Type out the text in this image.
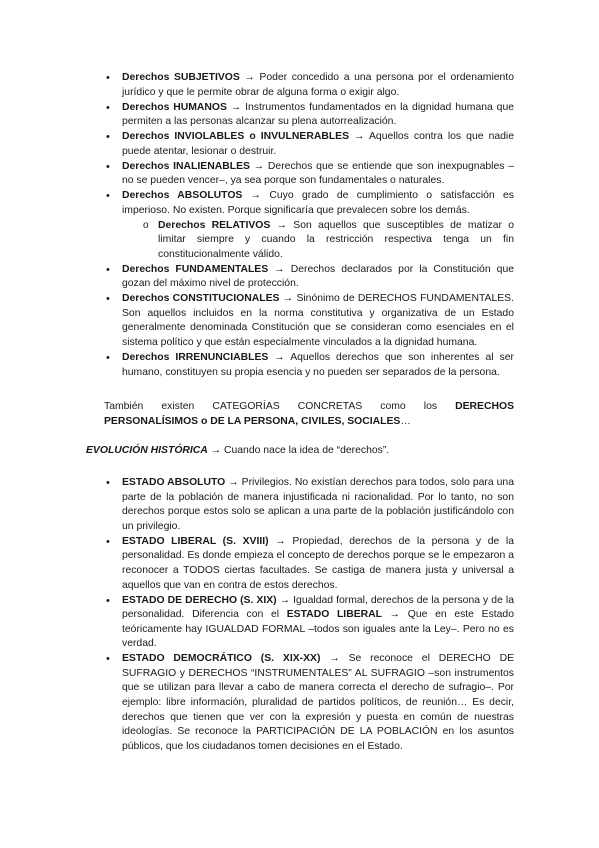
• Derechos SUBJETIVOS → Poder concedido a una persona por el ordenamiento jurídico y que le permite obrar de alguna forma o exigir algo.
• Derechos HUMANOS → Instrumentos fundamentados en la dignidad humana que permiten a las personas alcanzar su plena autorrealización.
• Derechos INVIOLABLES o INVULNERABLES → Aquellos contra los que nadie puede atentar, lesionar o destruir.
• Derechos INALIENABLES → Derechos que se entiende que son inexpugnables – no se pueden vencer–, ya sea porque son fundamentales o naturales.
• Derechos ABSOLUTOS → Cuyo grado de cumplimiento o satisfacción es imperioso. No existen. Porque significaría que prevalecen sobre los demás.
o Derechos RELATIVOS → Son aquellos que susceptibles de matizar o limitar siempre y cuando la restricción respectiva tenga un fin constitucionalmente válido.
• Derechos FUNDAMENTALES → Derechos declarados por la Constitución que gozan del máximo nivel de protección.
• Derechos CONSTITUCIONALES → Sinónimo de DERECHOS FUNDAMENTALES. Son aquellos incluidos en la norma constitutiva y organizativa de un Estado generalmente denominada Constitución que se consideran como esenciales en el sistema político y que están especialmente vinculados a la dignidad humana.
• Derechos IRRENUNCIABLES → Aquellos derechos que son inherentes al ser humano, constituyen su propia esencia y no pueden ser separados de la persona.

También existen CATEGORÍAS CONCRETAS como los DERECHOS PERSONALÍSIMOS o DE LA PERSONA, CIVILES, SOCIALES…

EVOLUCIÓN HISTÓRICA → Cuando nace la idea de “derechos”.

• ESTADO ABSOLUTO → Privilegios. No existían derechos para todos, solo para una parte de la población de manera injustificada ni racionalidad. Por lo tanto, no son derechos porque estos solo se aplican a una parte de la población justificándolo con un privilegio.
• ESTADO LIBERAL (S. XVIII) → Propiedad, derechos de la persona y de la personalidad. Es donde empieza el concepto de derechos porque se le empezaron a reconocer a TODOS ciertas facultades. Se castiga de manera justa y universal a aquellos que van en contra de estos derechos.
• ESTADO DE DERECHO (S. XIX) → Igualdad formal, derechos de la persona y de la personalidad. Diferencia con el ESTADO LIBERAL → Que en este Estado teóricamente hay IGUALDAD FORMAL –todos son iguales ante la Ley–. Pero no es verdad.
• ESTADO DEMOCRÁTICO (S. XIX-XX) → Se reconoce el DERECHO DE SUFRAGIO y DERECHOS “INSTRUMENTALES” AL SUFRAGIO –son instrumentos que se utilizan para llevar a cabo de manera correcta el derecho de sufragio–. Por ejemplo: libre información, pluralidad de partidos políticos, de reunión… Es decir, derechos que tienen que ver con la expresión y puesta en común de nuestras ideologías. Se reconoce la PARTICIPACIÓN DE LA POBLACIÓN en los asuntos públicos, que los ciudadanos tomen decisiones en el Estado.
